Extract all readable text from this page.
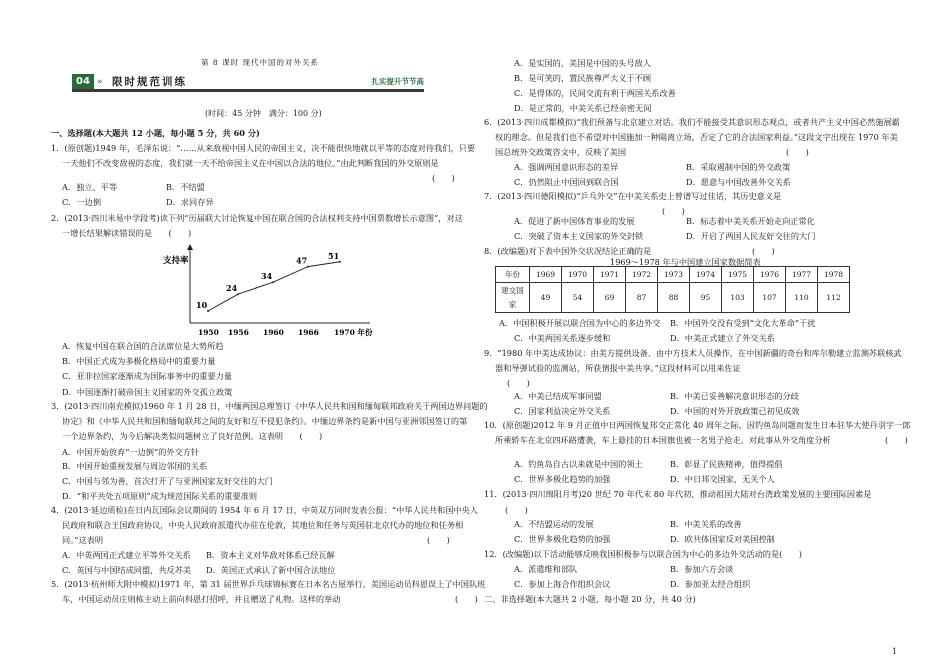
第 8 课时 现代中国的对外关系
04 » 限时规范训练	扎实提升节节高
(时间：45 分钟　满分：100 分)
一、选择题(本大题共 12 小题，每小题 5 分，共 60 分)
1．(原创题)1949 年，毛泽东说：“……从来敌视中国人民的帝国主义，决不能很快地就以平等的态度对待我们，只要
一天他们不改变敌视的态度，我们就一天不给帝国主义在中国以合法的地位。”由此判断我国的外交原则是
A．独立、平等	B．不结盟
C．一边倒	D．求同存异
2．(2013·四川米易中学段考)读下列“历届联大讨论恢复中国在联合国的合法权利支持中国票数增长示意图”，对这
一增长结果解读错误的是　　(　　)
A．恢复中国在联合国的合法席位是大势所趋
B．中国正式成为多极化格局中的重要力量
C．亚非拉国家逐渐成为国际事务中的重要力量
D．中国逐渐打破帝国主义国家的外交孤立政策
3．(2013·四川南充模拟)1960 年 1 月 28 日，中缅两国总理签订《中华人民共和国和缅甸联邦政府关于两国边界问题的
协定》和《中华人民共和国和缅甸联邦之间的友好和互不侵犯条约》。中缅边界条约是新中国与亚洲邻国签订的第
一个边界条约，为今后解决类似问题树立了良好范例。这表明　　(　　)
A．中国开始放弃“一边倒”的外交方针
B．中国开始重视发展与周边邻国的关系
C．中国与邻为善，首次打开了与亚洲国家友好交往的大门
D．“和平共处五项原则”成为规范国际关系的重要准则
4．(2013·延边质检)在日内瓦国际会议期间的 1954 年 6 月 17 日，中英双方同时发表公报：“中华人民共和国中央人
民政府和联合王国政府协议，中央人民政府派遣代办驻在伦敦，其地位和任务与英国驻北京代办的地位和任务相
同。”这表明
A．中英两国正式建立平等外交关系 B．资本主义对华敌对体系已经瓦解
C．英国与中国结成同盟，共反苏美 D．英国正式承认了新中国合法地位
5．(2013·杭州师大附中模拟)1971 年，第 31 届世界乒乓球锦标赛在日本名古屋举行。美国运动员科恩误上了中国队班
车，中国运动员庄则栋主动上前向科恩打招呼，并且赠送了礼物。这样的举动
A．是实国的，美国是中国的头号敌人
B．是可笑的，置民族尊严大义于不顾
C．是得体的，民间交流有利于两国关系改善
D．是正常的，中美关系已经亲密无间
6．(2013·四川成都模拟)“我们预备与北京建立对话。我们不能接受其意识形态观点，或者共产主义中国必然施展霸
权的理念。但是我们也不希望对中国施加一种隔离立场，否定了它的合法国家利益。”这段文字出现在 1970 年美
国总统外交政策咨文中，反映了美国
A．强调两国意识形态的差异	B．采取遏制中国的外交政策
C．仍然阻止中国回到联合国	D．愿意与中国改善外交关系
7．(2013·四川德阳模拟)“乒乓外交”在中美关系史上曾谱写过佳话，其历史意义是
A．促进了新中国体育事业的发展	B．标志着中美关系开始走向正常化
C．突破了资本主义国家的外交封锁	D．开启了两国人民友好交往的大门
8．(改编题)对下表中国外交状况结论正确的是
1969～1978 年与中国建立国家数据简表
A．中国积极开展以联合国为中心的多边外交 B．中国外交没有受到“文化大革命”干扰
C．中美两国关系逐步缓和	D．中美正式建立了外交关系
9．“1980 年中美达成协议：由美方提供设备、由中方技术人员操作，在中国新疆的奇台和库尔勒建立监测苏联核武
器和导弹试验的监测站，所获情报中美共享。”这段材料可以用来佐证
A．中美已结成军事同盟	B．中美已妥善解决意识形态的分歧
C．国家利益决定外交关系	D．中国的对外开放政策已初见成效
10．(原创题)2012 年 9 月正值中日两国恢复邦交正常化 40 周年之际，因钓鱼岛问题而发生日本驻华大使丹羽宇一郎
所乘轿车在北京四环路遭袭，车上悬挂的日本国旗也被一名男子抢走。对此事从外交角度分析
A．钓鱼岛自古以来就是中国的领土	B．彰显了民族精神，值得提倡
C．世界多极化趋势的加强	D．中日邦交国家，无关个人
11．(2013·四川绵阳月考)20 世纪 70 年代末 80 年代初，推动祖国大陆对台湾政策发展的主要国际因素是
A．不结盟运动的发展	B．中美关系的改善
C．世界多极化趋势的加强	D．欧共体国家反对美国控制
12．(改编题)以下活动能够反映我国积极参与以联合国为中心的多边外交活动的是(　　)
A．派遣维和部队	B．参加六方会谈
C．参加上海合作组织会议	D．参加亚太经合组织
二、非选择题(本大题共 2 小题，每小题 20 分，共 40 分)
支持率
10
1950
24
1956
34
1960
47
1966
51
1970 年份
年份	1969	1970	1971	1972	1973	1974	1975	1976	1977	1978
建交国家	49	54	69	87	88	95	103	107	110	112
1
(　　)
(　　)
(　　)
(　　)
(　　)
(　　)
(　　)
(　　)
(　　)
